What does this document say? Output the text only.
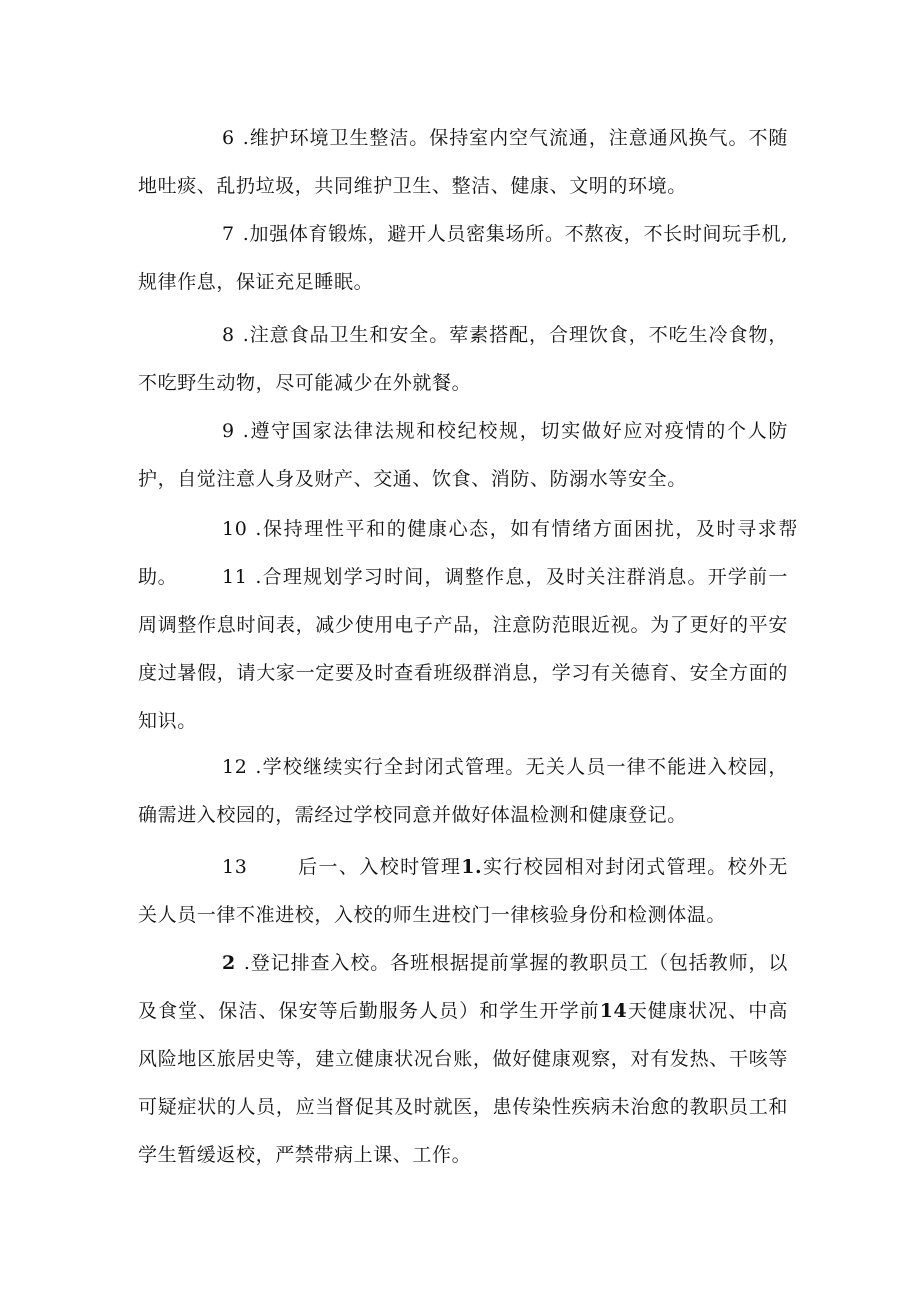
6 .维护环境卫生整洁。保持室内空气流通，注意通风换气。不随地吐痰、乱扔垃圾，共同维护卫生、整洁、健康、文明的环境。

7 .加强体育锻炼，避开人员密集场所。不熬夜，不长时间玩手机,规律作息，保证充足睡眠。

8 .注意食品卫生和安全。荤素搭配，合理饮食，不吃生冷食物，不吃野生动物，尽可能减少在外就餐。

9 .遵守国家法律法规和校纪校规，切实做好应对疫情的个人防护，自觉注意人身及财产、交通、饮食、消防、防溺水等安全。

10 .保持理性平和的健康心态，如有情绪方面困扰，及时寻求帮助。	11 .合理规划学习时间，调整作息，及时关注群消息。开学前一周调整作息时间表，减少使用电子产品，注意防范眼近视。为了更好的平安度过暑假，请大家一定要及时查看班级群消息，学习有关德育、安全方面的知识。

12 .学校继续实行全封闭式管理。无关人员一律不能进入校园，确需进入校园的，需经过学校同意并做好体温检测和健康登记。

13	后一、入校时管理1.实行校园相对封闭式管理。校外无关人员一律不准进校，入校的师生进校门一律核验身份和检测体温。

2 .登记排查入校。各班根据提前掌握的教职员工（包括教师，以及食堂、保洁、保安等后勤服务人员）和学生开学前14天健康状况、中高风险地区旅居史等，建立健康状况台账，做好健康观察，对有发热、干咳等可疑症状的人员，应当督促其及时就医，患传染性疾病未治愈的教职员工和学生暂缓返校，严禁带病上课、工作。
